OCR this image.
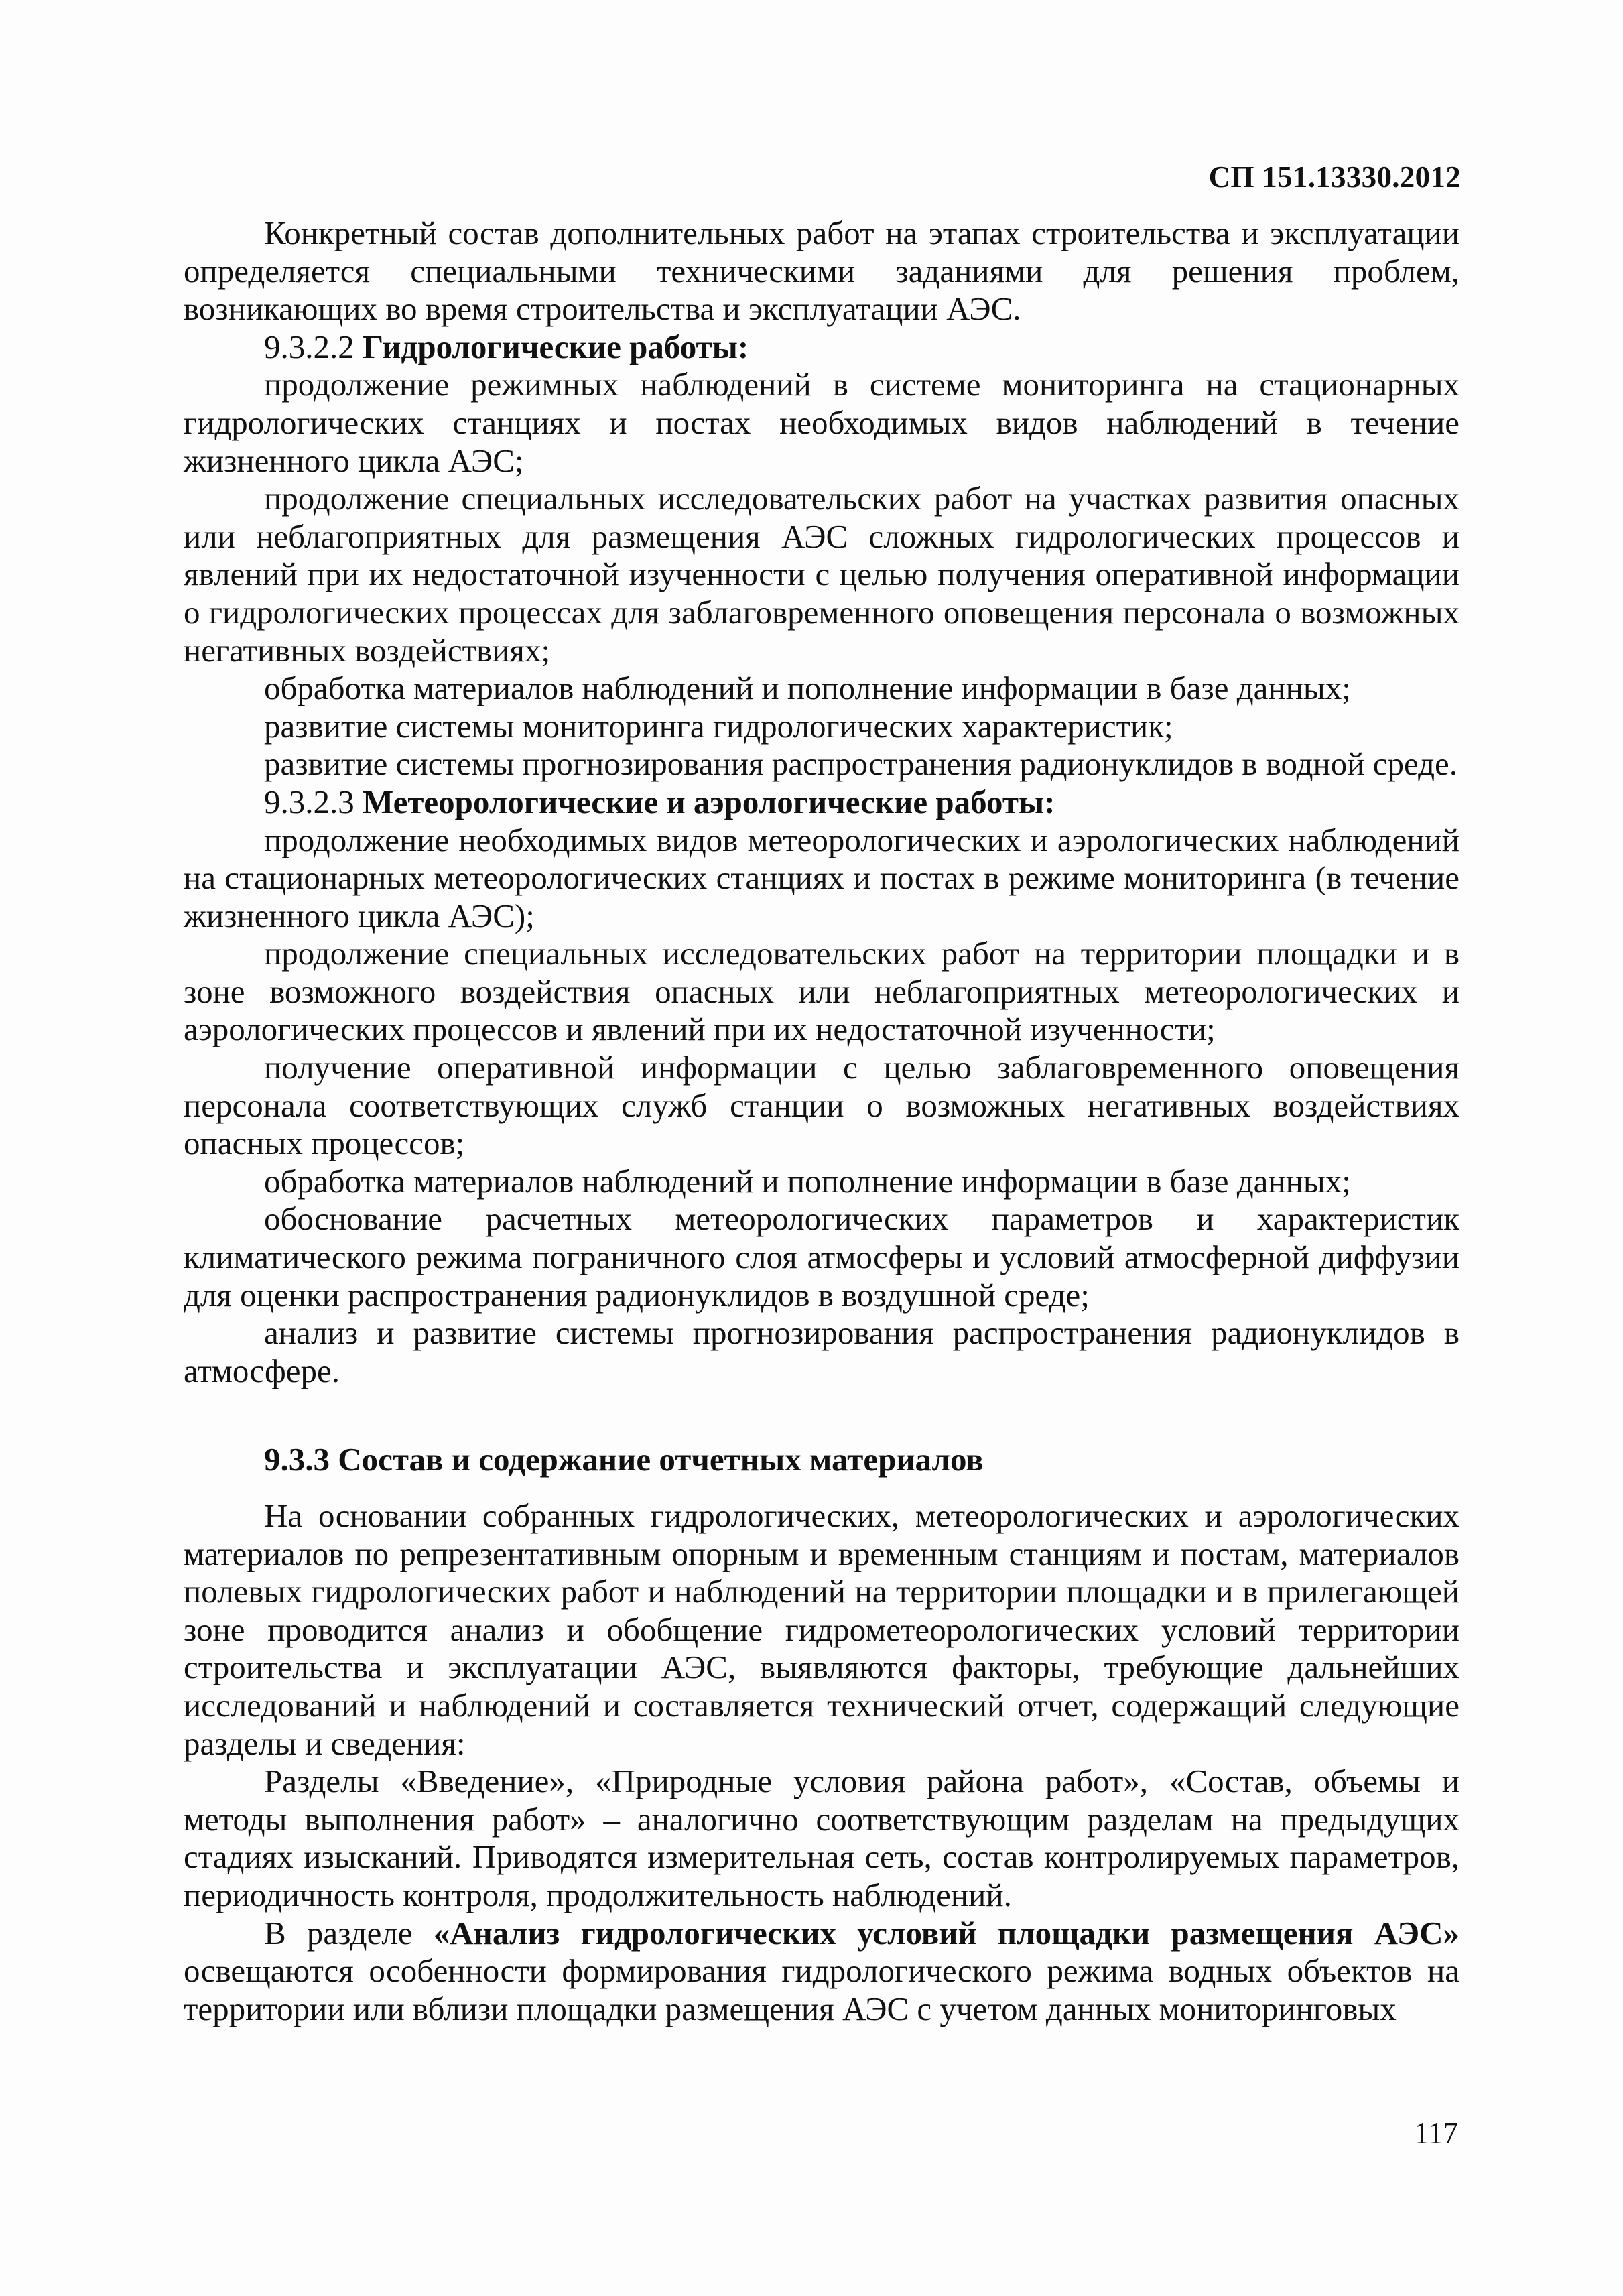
СП 151.13330.2012

Конкретный состав дополнительных работ на этапах строительства и эксплуатации определяется специальными техническими заданиями для решения проблем, возникающих во время строительства и эксплуатации АЭС.

9.3.2.2 Гидрологические работы:

продолжение режимных наблюдений в системе мониторинга на стационарных гидрологических станциях и постах необходимых видов наблюдений в течение жизненного цикла АЭС;

продолжение специальных исследовательских работ на участках развития опасных или неблагоприятных для размещения АЭС сложных гидрологических процессов и явлений при их недостаточной изученности с целью получения оперативной информации о гидрологических процессах для заблаговременного оповещения персонала о возможных негативных воздействиях;

обработка материалов наблюдений и пополнение информации в базе данных;

развитие системы мониторинга гидрологических характеристик;

развитие системы прогнозирования распространения радионуклидов в водной среде.

9.3.2.3 Метеорологические и аэрологические работы:

продолжение необходимых видов метеорологических и аэрологических наблюдений на стационарных метеорологических станциях и постах в режиме мониторинга (в течение жизненного цикла АЭС);

продолжение специальных исследовательских работ на территории площадки и в зоне возможного воздействия опасных или неблагоприятных метеорологических и аэрологических процессов и явлений при их недостаточной изученности;

получение оперативной информации с целью заблаговременного оповещения персонала соответствующих служб станции о возможных негативных воздействиях опасных процессов;

обработка материалов наблюдений и пополнение информации в базе данных;

обоснование расчетных метеорологических параметров и характеристик климатического режима пограничного слоя атмосферы и условий атмосферной диффузии для оценки распространения радионуклидов в воздушной среде;

анализ и развитие системы прогнозирования распространения радионуклидов в атмосфере.

9.3.3 Состав и содержание отчетных материалов

На основании собранных гидрологических, метеорологических и аэрологических материалов по репрезентативным опорным и временным станциям и постам, материалов полевых гидрологических работ и наблюдений на территории площадки и в прилегающей зоне проводится анализ и обобщение гидрометеорологических условий территории строительства и эксплуатации АЭС, выявляются факторы, требующие дальнейших исследований и наблюдений и составляется технический отчет, содержащий следующие разделы и сведения:

Разделы «Введение», «Природные условия района работ», «Состав, объемы и методы выполнения работ» – аналогично соответствующим разделам на предыдущих стадиях изысканий. Приводятся измерительная сеть, состав контролируемых параметров, периодичность контроля, продолжительность наблюдений.

В разделе «Анализ гидрологических условий площадки размещения АЭС» освещаются особенности формирования гидрологического режима водных объектов на территории или вблизи площадки размещения АЭС с учетом данных мониторинговых

117
